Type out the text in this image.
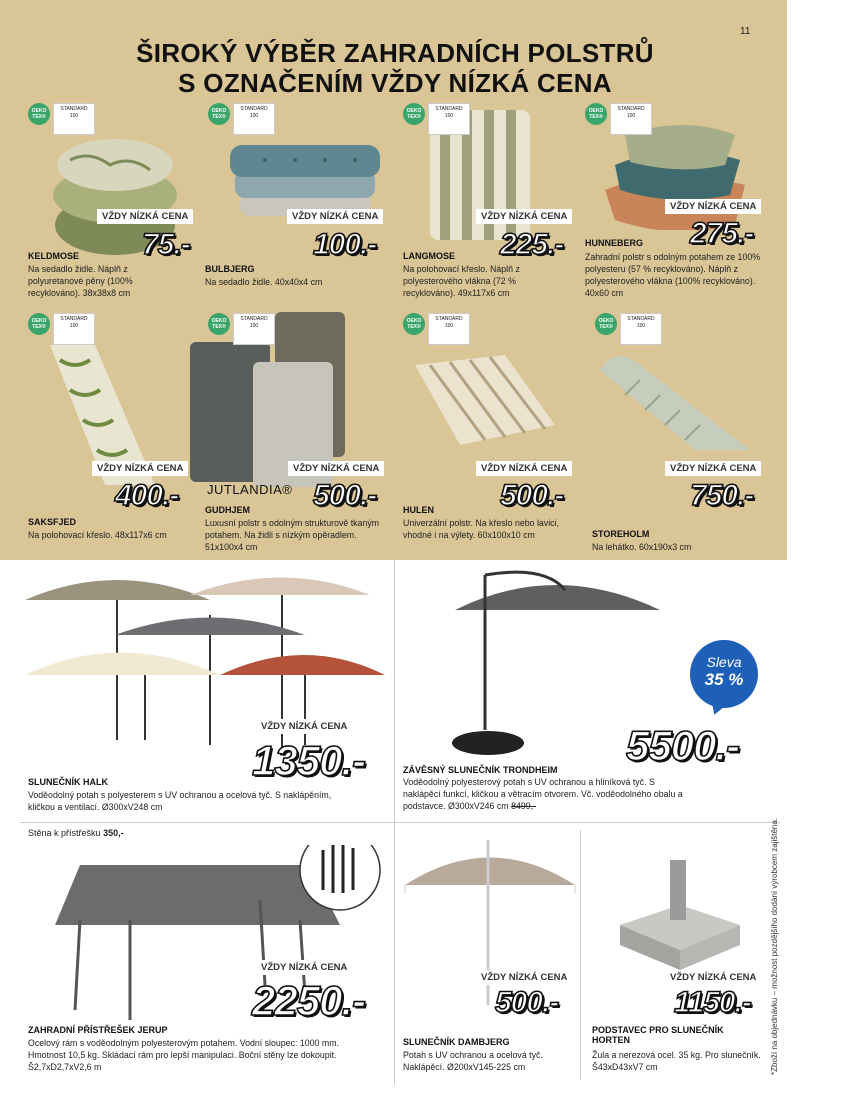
11
ŠIROKÝ VÝBĚR ZAHRADNÍCH POLSTRŮ
S OZNAČENÍM VŽDY NÍZKÁ CENA
OEKO TEX®
STANDARD
100
OEKO TEX®
STANDARD
100
OEKO TEX®
STANDARD
100
OEKO TEX®
STANDARD
100
OEKO TEX®
STANDARD
100
OEKO TEX®
STANDARD
100
OEKO TEX®
STANDARD
100
OEKO TEX®
STANDARD
100
VŽDY NÍZKÁ CENA
75.-
KELDMOSE
Na sedadlo židle. Náplň z polyuretanové pěny (100% recyklováno). 38x38x8 cm
VŽDY NÍZKÁ CENA
100.-
BULBJERG
Na sedadlo židle. 40x40x4 cm
VŽDY NÍZKÁ CENA
225.-
LANGMOSE
Na polohovací křeslo. Náplň z polyesterového vlákna (72 % recyklováno). 49x117x6 cm
VŽDY NÍZKÁ CENA
275.-
HUNNEBERG
Zahradní polstr s odolným potahem ze 100% polyesteru (57 % recyklováno). Náplň z polyesterového vlákna (100% recyklováno). 40x60 cm
VŽDY NÍZKÁ CENA
400.-
SAKSFJED
Na polohovací křeslo. 48x117x6 cm
VŽDY NÍZKÁ CENA
JUTLANDIA® 500.-
GUDHJEM
Luxusní polstr s odolným strukturově tkaným potahem. Na židli s nízkým opěradlem. 51x100x4 cm
VŽDY NÍZKÁ CENA
500.-
HULEN
Univerzální polstr. Na křeslo nebo lavici, vhodné i na výlety. 60x100x10 cm
VŽDY NÍZKÁ CENA
750.-
STOREHOLM
Na lehátko. 60x190x3 cm
VŽDY NÍZKÁ CENA
1350.-
SLUNEČNÍK HALK
Voděodolný potah s polyesterem s UV ochranou a ocelová tyč. S naklápěním, kličkou a ventilací. Ø300xV248 cm
Sleva
35 %
5500.-
ZÁVĚSNÝ SLUNEČNÍK TRONDHEIM
Voděodolný polyesterový potah s UV ochranou a hliníková tyč. S naklápěcí funkcí, kličkou a větracím otvorem. Vč. voděodolného obalu a podstavce. Ø300xV246 cm 8499,-
Stěna k přístřešku 350,-
VŽDY NÍZKÁ CENA
2250.-
ZAHRADNÍ PŘÍSTŘEŠEK JERUP
Ocelový rám s voděodolným polyesterovým potahem. Vodní sloupec: 1000 mm. Hmotnost 10,5 kg. Skládací rám pro lepší manipulaci. Boční stěny lze dokoupit. Š2,7xD2,7xV2,6 m
VŽDY NÍZKÁ CENA
500.-
SLUNEČNÍK DAMBJERG
Potah s UV ochranou a ocelová tyč. Naklápěcí. Ø200xV145-225 cm
VŽDY NÍZKÁ CENA
1150.-
PODSTAVEC PRO SLUNEČNÍK HORTEN
Žula a nerezová ocel. 35 kg. Pro slunečník. Š43xD43xV7 cm	*Zboží na objednávku – možnost pozdějšího dodání výrobcem zajištěna.
